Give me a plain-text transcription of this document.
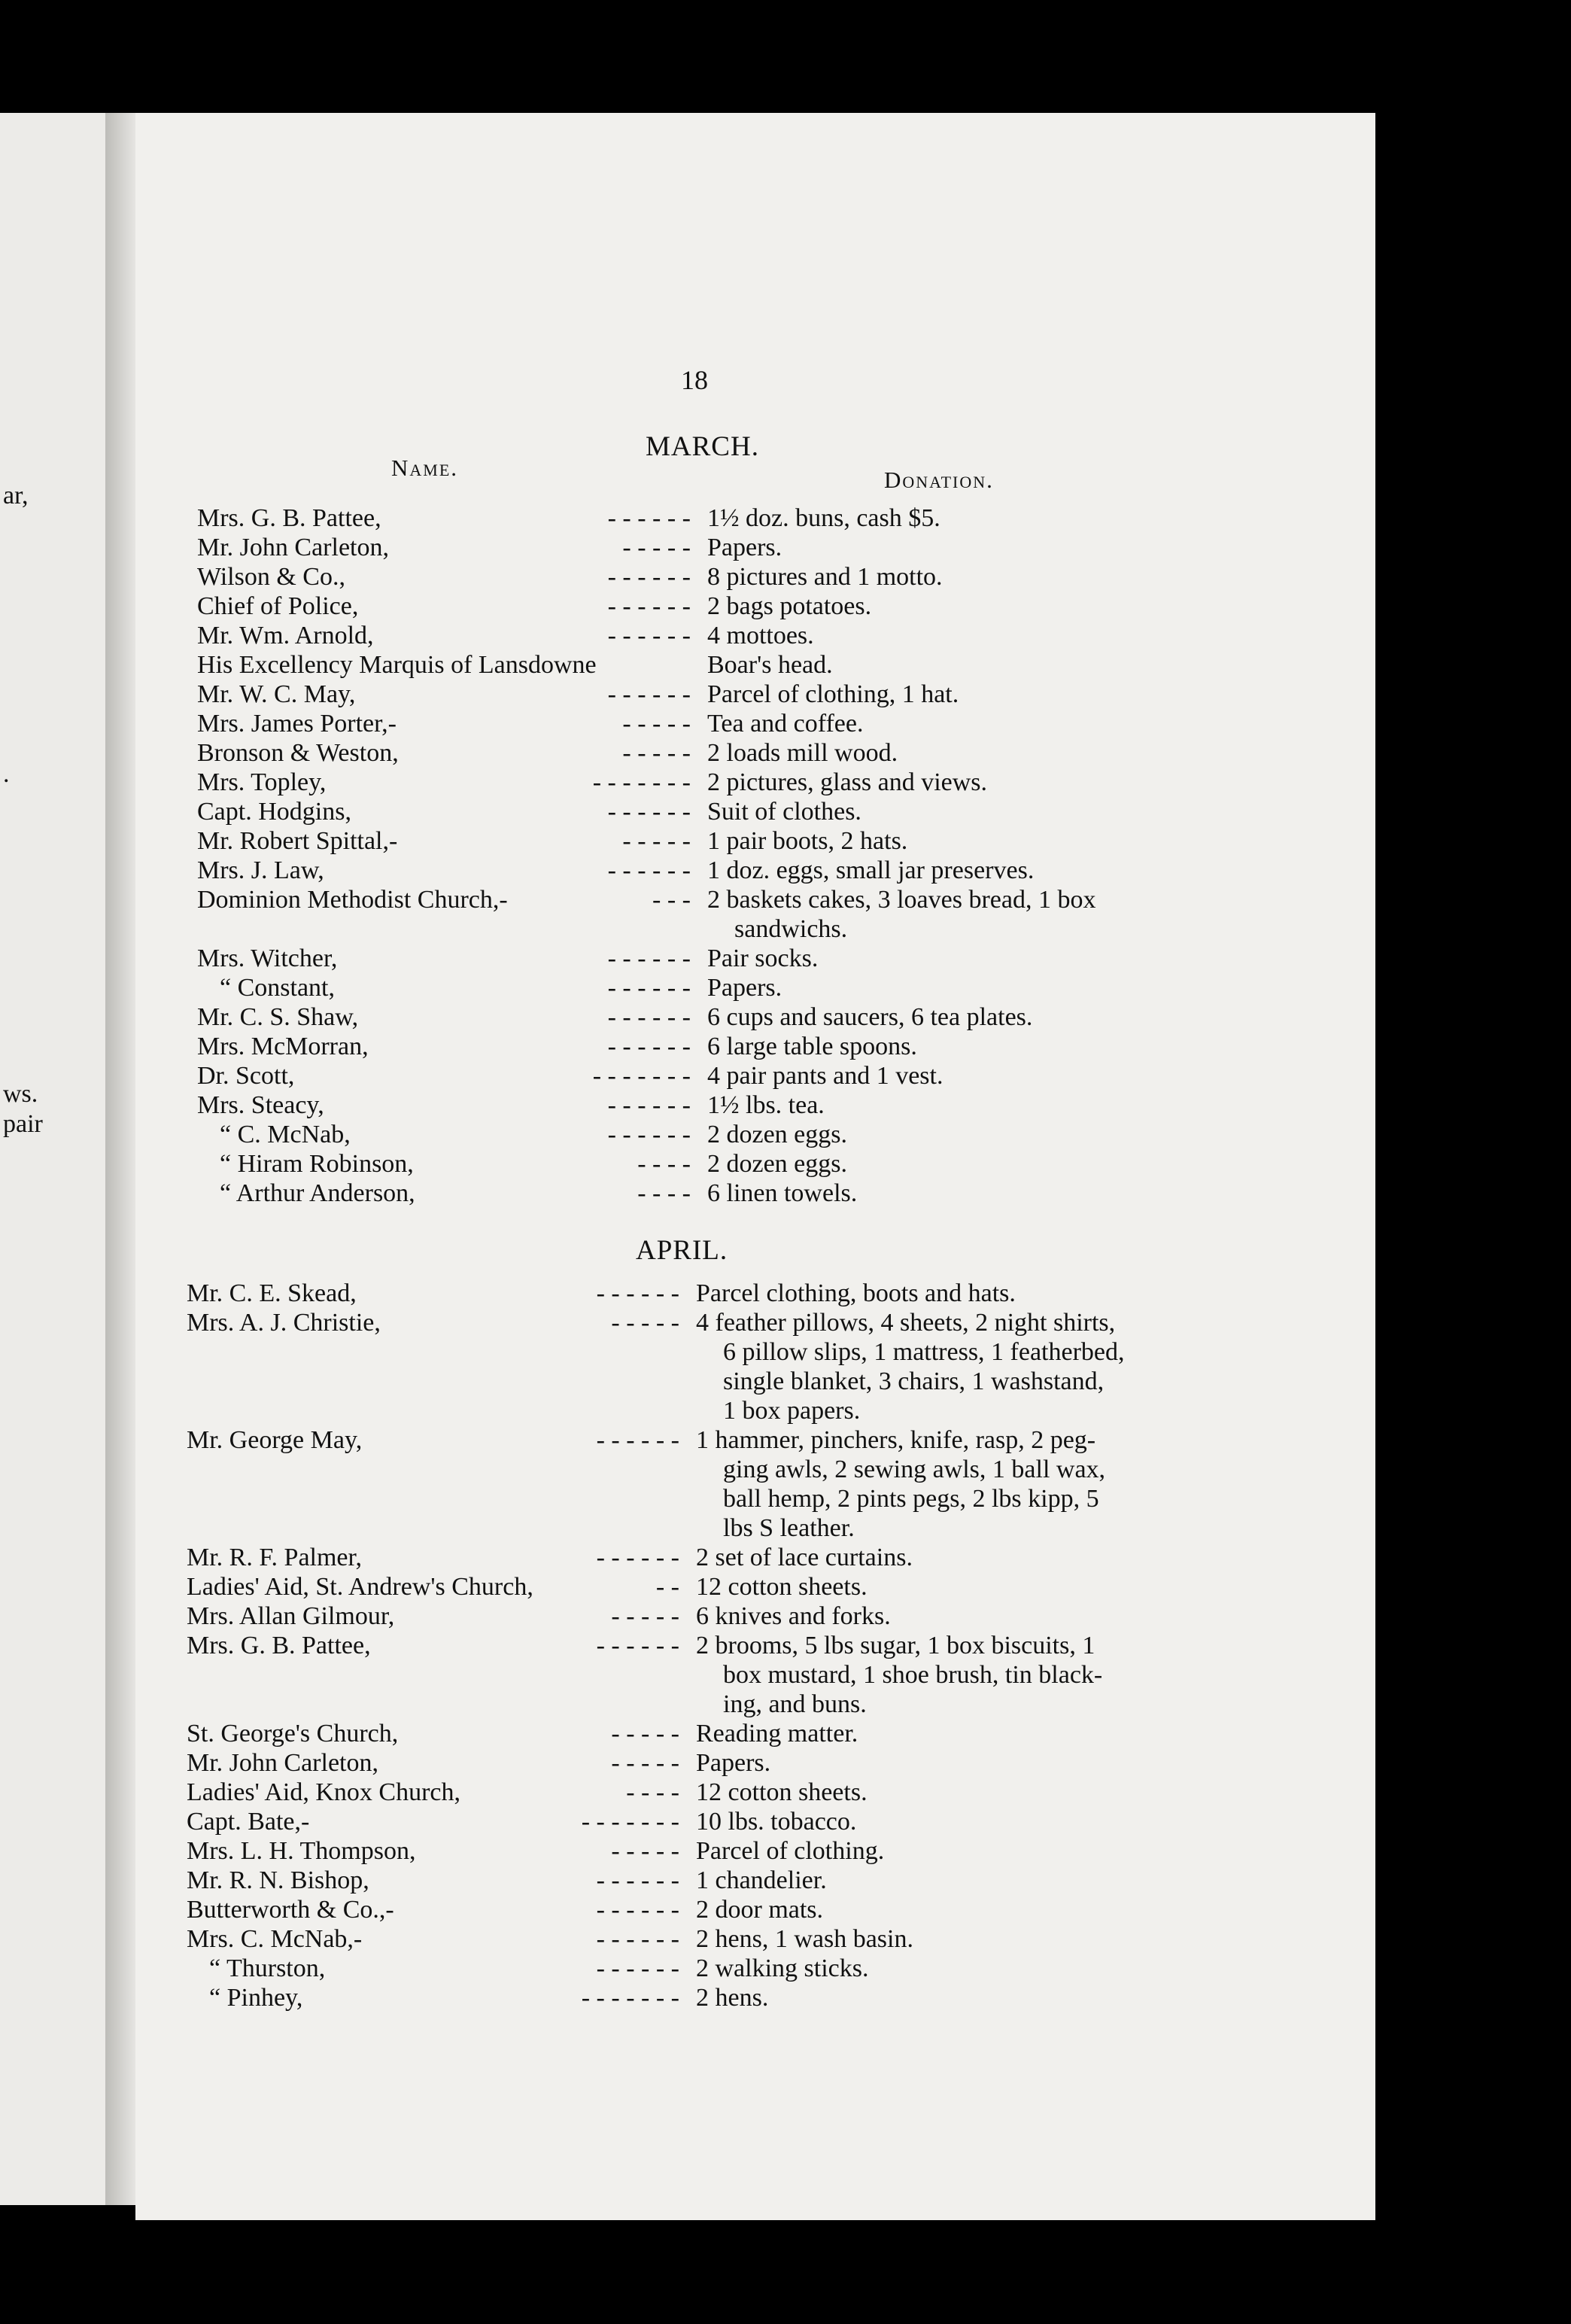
ar,
.
ws.
pair
18
Name.	Donation.
MARCH.
Mrs. G. B. Pattee,	- - - - - - 1½ doz. buns, cash $5.
Mr. John Carleton,	- - - - - Papers.
Wilson & Co.,	- - - - - - 8 pictures and 1 motto.
Chief of Police,	- - - - - - 2 bags potatoes.
Mr. Wm. Arnold,	- - - - - - 4 mottoes.
His Excellency Marquis of Lansdowne	Boar's head.
Mr. W. C. May,	- - - - - - Parcel of clothing, 1 hat.
Mrs. James Porter,-	- - - - - Tea and coffee.
Bronson & Weston,	- - - - - 2 loads mill wood.
Mrs. Topley,	- - - - - - - 2 pictures, glass and views.
Capt. Hodgins,	- - - - - - Suit of clothes.
Mr. Robert Spittal,-	- - - - - 1 pair boots, 2 hats.
Mrs. J. Law,	- - - - - - 1 doz. eggs, small jar preserves.
Dominion Methodist Church,-	- - - 2 baskets cakes, 3 loaves bread, 1 box
sandwichs.
Mrs. Witcher,	- - - - - - Pair socks.
“ Constant,	- - - - - - Papers.
Mr. C. S. Shaw,	- - - - - - 6 cups and saucers, 6 tea plates.
Mrs. McMorran,	- - - - - - 6 large table spoons.
Dr. Scott,	- - - - - - - 4 pair pants and 1 vest.
Mrs. Steacy,	- - - - - - 1½ lbs. tea.
“ C. McNab,	- - - - - - 2 dozen eggs.
“ Hiram Robinson,	- - - - 2 dozen eggs.
“ Arthur Anderson,	- - - - 6 linen towels.
APRIL.
Mr. C. E. Skead,	- - - - - - Parcel clothing, boots and hats.
Mrs. A. J. Christie,	- - - - - 4 feather pillows, 4 sheets, 2 night shirts,
6 pillow slips, 1 mattress, 1 featherbed,
single blanket, 3 chairs, 1 washstand,
1 box papers.
Mr. George May,	- - - - - - 1 hammer, pinchers, knife, rasp, 2 peg-
ging awls, 2 sewing awls, 1 ball wax,
ball hemp, 2 pints pegs, 2 lbs kipp, 5
lbs S leather.
Mr. R. F. Palmer,	- - - - - - 2 set of lace curtains.
Ladies' Aid, St. Andrew's Church,	- - 12 cotton sheets.
Mrs. Allan Gilmour,	- - - - - 6 knives and forks.
Mrs. G. B. Pattee,	- - - - - - 2 brooms, 5 lbs sugar, 1 box biscuits, 1
box mustard, 1 shoe brush, tin black-
ing, and buns.
St. George's Church,	- - - - - Reading matter.
Mr. John Carleton,	- - - - - Papers.
Ladies' Aid, Knox Church,	- - - - 12 cotton sheets.
Capt. Bate,-	- - - - - - - 10 lbs. tobacco.
Mrs. L. H. Thompson,	- - - - - Parcel of clothing.
Mr. R. N. Bishop,	- - - - - - 1 chandelier.
Butterworth & Co.,-	- - - - - - 2 door mats.
Mrs. C. McNab,-	- - - - - - 2 hens, 1 wash basin.
“ Thurston,	- - - - - - 2 walking sticks.
“ Pinhey,	- - - - - - - 2 hens.
